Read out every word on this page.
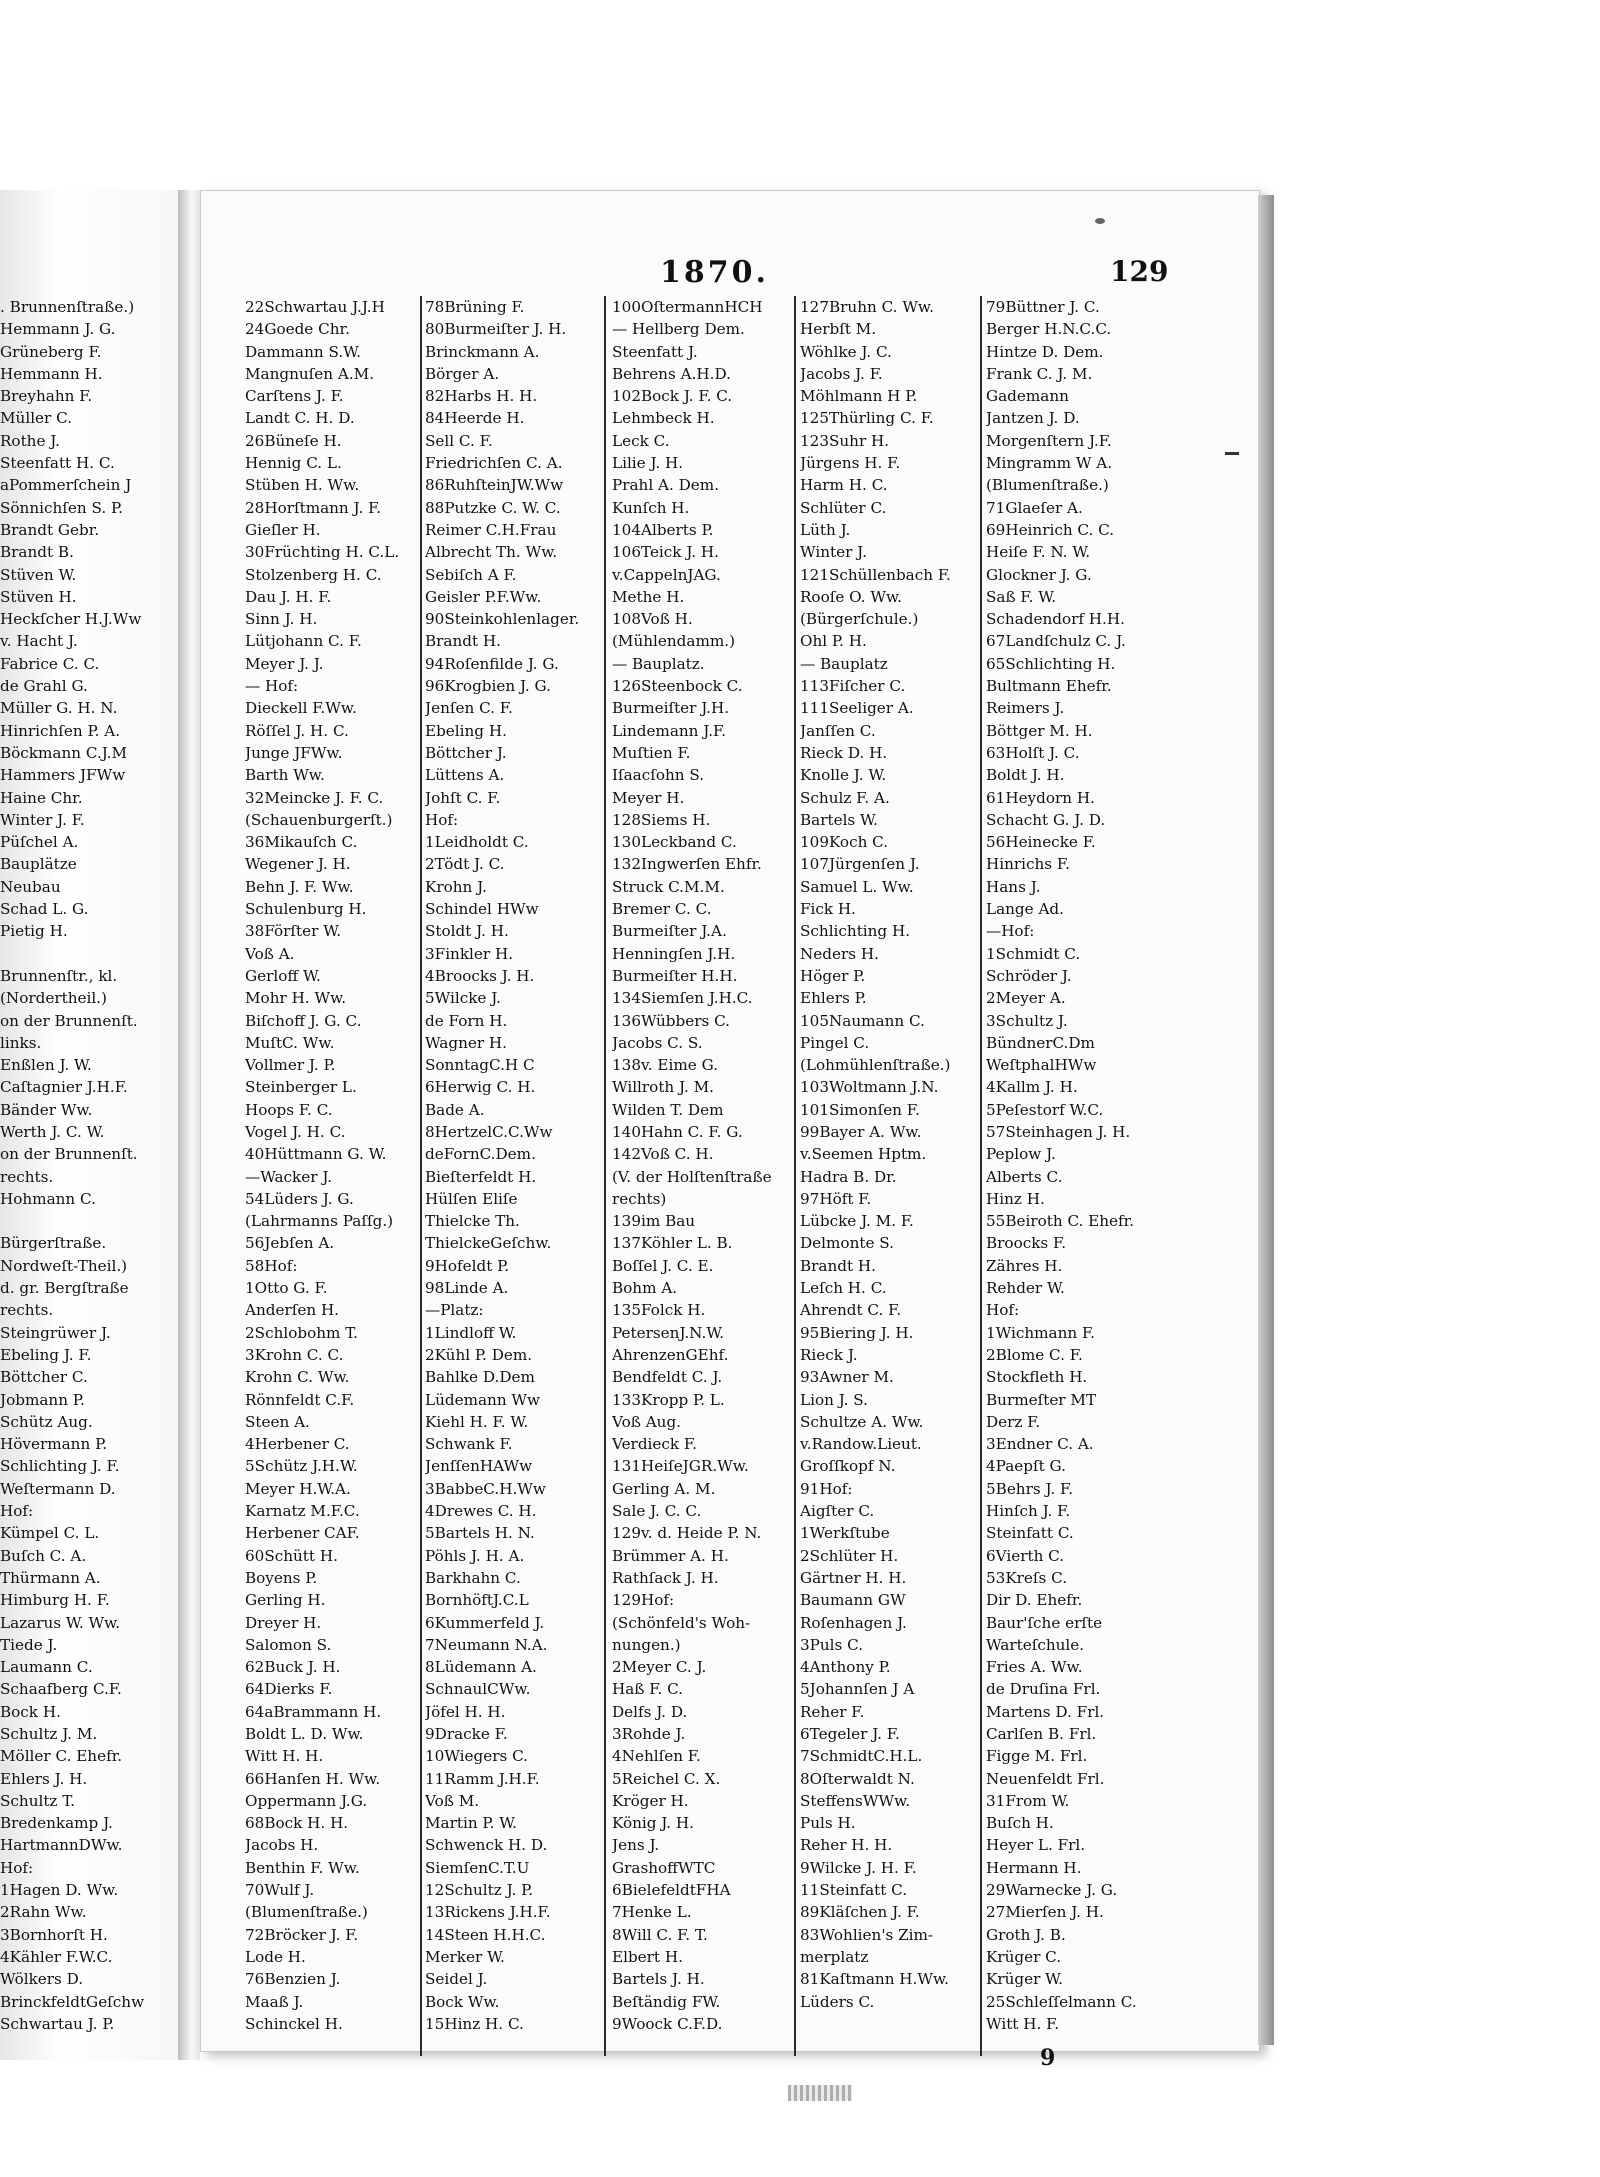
1870.	129
. Brunnenſtraße.)
Hemmann J. G.
Grüneberg F.
Hemmann H.
Breyhahn F.
Müller C.
Rothe J.
Steenfatt H. C.
aPommerſchein J
Sönnichſen S. P.
Brandt Gebr.
Brandt B.
Stüven W.
Stüven H.
Heckſcher H.J.Ww
v. Hacht J.
Fabrice C. C.
de Grahl G.
Müller G. H. N.
Hinrichſen P. A.
Böckmann C.J.M
Hammers JFWw
Haine Chr.
Winter J. F.
Püſchel A.
Bauplätze
Neubau
Schad L. G.
Pietig H.
Brunnenſtr., kl.
(Nordertheil.)
on der Brunnenſt.
links.
Enßlen J. W.
Caſtagnier J.H.F.
Bänder Ww.
Werth J. C. W.
on der Brunnenſt.
rechts.
Hohmann C.
Bürgerſtraße.
Nordweſt-Theil.)
d. gr. Bergſtraße
rechts.
Steingrüwer J.
Ebeling J. F.
Böttcher C.
Jobmann P.
Schütz Aug.
Hövermann P.
Schlichting J. F.
Weſtermann D.
Hof:
Kümpel C. L.
Buſch C. A.
Thürmann A.
Himburg H. F.
Lazarus W. Ww.
Tiede J.
Laumann C.
Schaafberg C.F.
Bock H.
Schultz J. M.
Möller C. Ehefr.
Ehlers J. H.
Schultz T.
Bredenkamp J.
HartmannDWw.
Hof:
1Hagen D. Ww.
2Rahn Ww.
3Bornhorſt H.
4Kähler F.W.C.
Wölkers D.
BrinckfeldtGeſchw
Schwartau J. P.
22Schwartau J.J.H
24Goede Chr.
Dammann S.W.
Mangnuſen A.M.
Carſtens J. F.
Landt C. H. D.
26Büneſe H.
Hennig C. L.
Stüben H. Ww.
28Horſtmann J. F.
Gieſler H.
30Früchting H. C.L.
Stolzenberg H. C.
Dau J. H. F.
Sinn J. H.
Lütjohann C. F.
Meyer J. J.
— Hof:
Dieckell F.Ww.
Röſſel J. H. C.
Junge JFWw.
Barth Ww.
32Meincke J. F. C.
(Schauenburgerſt.)
36Mikauſch C.
Wegener J. H.
Behn J. F. Ww.
Schulenburg H.
38Förſter W.
Voß A.
Gerloff W.
Mohr H. Ww.
Biſchoff J. G. C.
MuſtC. Ww.
Vollmer J. P.
Steinberger L.
Hoops F. C.
Vogel J. H. C.
40Hüttmann G. W.
—Wacker J.
54Lüders J. G.
(Lahrmanns Paſſg.)
56Jebſen A.
58Hof:
1Otto G. F.
Anderſen H.
2Schlobohm T.
3Krohn C. C.
Krohn C. Ww.
Rönnfeldt C.F.
Steen A.
4Herbener C.
5Schütz J.H.W.
Meyer H.W.A.
Karnatz M.F.C.
Herbener CAF.
60Schütt H.
Boyens P.
Gerling H.
Dreyer H.
Salomon S.
62Buck J. H.
64Dierks F.
64aBrammann H.
Boldt L. D. Ww.
Witt H. H.
66Hanſen H. Ww.
Oppermann J.G.
68Bock H. H.
Jacobs H.
Benthin F. Ww.
70Wulf J.
(Blumenſtraße.)
72Bröcker J. F.
Lode H.
76Benzien J.
Maaß J.
Schinckel H.
78Brüning F.
80Burmeiſter J. H.
Brinckmann A.
Börger A.
82Harbs H. H.
84Heerde H.
Sell C. F.
Friedrichſen C. A.
86RuhſteinJW.Ww
88Putzke C. W. C.
Reimer C.H.Frau
Albrecht Th. Ww.
Sebiſch A F.
Geisler P.F.Ww.
90Steinkohlenlager.
Brandt H.
94Roſenfilde J. G.
96Krogbien J. G.
Jenſen C. F.
Ebeling H.
Böttcher J.
Lüttens A.
Johſt C. F.
Hof:
1Leidholdt C.
2Tödt J. C.
Krohn J.
Schindel HWw
Stoldt J. H.
3Finkler H.
4Broocks J. H.
5Wilcke J.
de Forn H.
Wagner H.
SonntagC.H C
6Herwig C. H.
Bade A.
8HertzelC.C.Ww
deFornC.Dem.
Bieſterfeldt H.
Hülſen Eliſe
Thielcke Th.
ThielckeGeſchw.
9Hofeldt P.
98Linde A.
—Platz:
1Lindloff W.
2Kühl P. Dem.
Bahlke D.Dem
Lüdemann Ww
Kiehl H. F. W.
Schwank F.
JenſſenHAWw
3BabbeC.H.Ww
4Drewes C. H.
5Bartels H. N.
Pöhls J. H. A.
Barkhahn C.
BornhöftJ.C.L
6Kummerfeld J.
7Neumann N.A.
8Lüdemann A.
SchnaulCWw.
Jöfel H. H.
9Dracke F.
10Wiegers C.
11Ramm J.H.F.
Voß M.
Martin P. W.
Schwenck H. D.
SiemſenC.T.U
12Schultz J. P.
13Rickens J.H.F.
14Steen H.H.C.
Merker W.
Seidel J.
Bock Ww.
15Hinz H. C.
100OſtermannHCH
— Hellberg Dem.
Steenfatt J.
Behrens A.H.D.
102Bock J. F. C.
Lehmbeck H.
Leck C.
Lilie J. H.
Prahl A. Dem.
Kunſch H.
104Alberts P.
106Teick J. H.
v.CappelnJAG.
Methe H.
108Voß H.
(Mühlendamm.)
— Bauplatz.
126Steenbock C.
Burmeiſter J.H.
Lindemann J.F.
Muſtien F.
Iſaacſohn S.
Meyer H.
128Siems H.
130Leckband C.
132Ingwerſen Ehfr.
Struck C.M.M.
Bremer C. C.
Burmeiſter J.A.
Henningſen J.H.
Burmeiſter H.H.
134Siemſen J.H.C.
136Wübbers C.
Jacobs C. S.
138v. Eime G.
Willroth J. M.
Wilden T. Dem
140Hahn C. F. G.
142Voß C. H.
(V. der Holſtenſtraße
rechts)
139im Bau
137Köhler L. B.
Boſſel J. C. E.
Bohm A.
135Folck H.
PetersenJ.N.W.
AhrenzenGEhf.
Bendfeldt C. J.
133Kropp P. L.
Voß Aug.
Verdieck F.
131HeiſeJGR.Ww.
Gerling A. M.
Sale J. C. C.
129v. d. Heide P. N.
Brümmer A. H.
Rathſack J. H.
129Hof:
(Schönfeld's Woh-
nungen.)
2Meyer C. J.
Haß F. C.
Delfs J. D.
3Rohde J.
4Nehlſen F.
5Reichel C. X.
Kröger H.
König J. H.
Jens J.
GrashoffWTC
6BielefeldtFHA
7Henke L.
8Will C. F. T.
Elbert H.
Bartels J. H.
Beſtändig FW.
9Woock C.F.D.
127Bruhn C. Ww.
Herbſt M.
Wöhlke J. C.
Jacobs J. F.
Möhlmann H P.
125Thürling C. F.
123Suhr H.
Jürgens H. F.
Harm H. C.
Schlüter C.
Lüth J.
Winter J.
121Schüllenbach F.
Rooſe O. Ww.
(Bürgerſchule.)
Ohl P. H.
— Bauplatz
113Fiſcher C.
111Seeliger A.
Janſſen C.
Rieck D. H.
Knolle J. W.
Schulz F. A.
Bartels W.
109Koch C.
107Jürgenſen J.
Samuel L. Ww.
Fick H.
Schlichting H.
Neders H.
Höger P.
Ehlers P.
105Naumann C.
Pingel C.
(Lohmühlenſtraße.)
103Woltmann J.N.
101Simonſen F.
99Bayer A. Ww.
v.Seemen Hptm.
Hadra B. Dr.
97Höft F.
Lübcke J. M. F.
Delmonte S.
Brandt H.
Leſch H. C.
Ahrendt C. F.
95Biering J. H.
Rieck J.
93Awner M.
Lion J. S.
Schultze A. Ww.
v.Randow.Lieut.
Groſſkopf N.
91Hof:
Aigſter C.
1Werkſtube
2Schlüter H.
Gärtner H. H.
Baumann GW
Roſenhagen J.
3Puls C.
4Anthony P.
5Johannſen J A
Reher F.
6Tegeler J. F.
7SchmidtC.H.L.
8Oſterwaldt N.
SteffensWWw.
Puls H.
Reher H. H.
9Wilcke J. H. F.
11Steinfatt C.
89Kläſchen J. F.
83Wohlien's Zim-
merplatz
81Kaſtmann H.Ww.
Lüders C.
79Büttner J. C.
Berger H.N.C.C.
Hintze D. Dem.
Frank C. J. M.
Gademann
Jantzen J. D.
Morgenſtern J.F.
Mingramm W A.
(Blumenſtraße.)
71Glaeſer A.
69Heinrich C. C.
Heiſe F. N. W.
Glockner J. G.
Saß F. W.
Schadendorf H.H.
67Landſchulz C. J.
65Schlichting H.
Bultmann Ehefr.
Reimers J.
Böttger M. H.
63Holſt J. C.
Boldt J. H.
61Heydorn H.
Schacht G. J. D.
56Heinecke F.
Hinrichs F.
Hans J.
Lange Ad.
—Hof:
1Schmidt C.
Schröder J.
2Meyer A.
3Schultz J.
BündnerC.Dm
WeſtphalHWw
4Kallm J. H.
5Peſestorf W.C.
57Steinhagen J. H.
Peplow J.
Alberts C.
Hinz H.
55Beiroth C. Ehefr.
Broocks F.
Zähres H.
Rehder W.
Hof:
1Wichmann F.
2Blome C. F.
Stockfleth H.
Burmeſter MT
Derz F.
3Endner C. A.
4Paepſt G.
5Behrs J. F.
Hinſch J. F.
Steinfatt C.
6Vierth C.
53Kreſs C.
Dir D. Ehefr.
Baur'ſche erſte
Warteſchule.
Fries A. Ww.
de Druſina Frl.
Martens D. Frl.
Carlſen B. Frl.
Figge M. Frl.
Neuenfeldt Frl.
31From W.
Buſch H.
Heyer L. Frl.
Hermann H.
29Warnecke J. G.
27Mierſen J. H.
Groth J. B.
Krüger C.
Krüger W.
25Schleſſelmann C.
Witt H. F.
9
